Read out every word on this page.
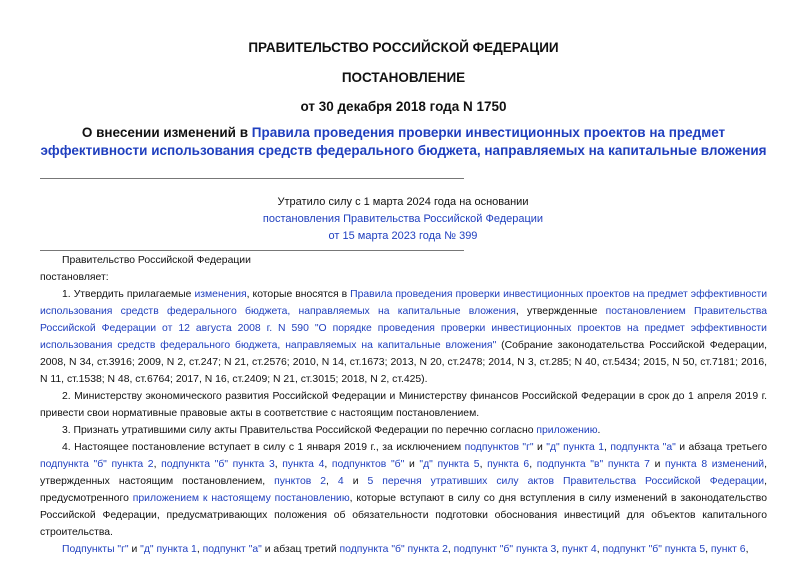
ПРАВИТЕЛЬСТВО РОССИЙСКОЙ ФЕДЕРАЦИИ

ПОСТАНОВЛЕНИЕ

от 30 декабря 2018 года N 1750

О внесении изменений в Правила проведения проверки инвестиционных проектов на предмет эффективности использования средств федерального бюджета, направляемых на капитальные вложения

Утратило силу с 1 марта 2024 года на основании
постановления Правительства Российской Федерации
от 15 марта 2023 года № 399

Правительство Российской Федерации

постановляет:

1. Утвердить прилагаемые изменения, которые вносятся в Правила проведения проверки инвестиционных проектов на предмет эффективности использования средств федерального бюджета, направляемых на капитальные вложения, утвержденные постановлением Правительства Российской Федерации от 12 августа 2008 г. N 590 "О порядке проведения проверки инвестиционных проектов на предмет эффективности использования средств федерального бюджета, направляемых на капитальные вложения" (Собрание законодательства Российской Федерации, 2008, N 34, ст.3916; 2009, N 2, ст.247; N 21, ст.2576; 2010, N 14, ст.1673; 2013, N 20, ст.2478; 2014, N 3, ст.285; N 40, ст.5434; 2015, N 50, ст.7181; 2016, N 11, ст.1538; N 48, ст.6764; 2017, N 16, ст.2409; N 21, ст.3015; 2018, N 2, ст.425).

2. Министерству экономического развития Российской Федерации и Министерству финансов Российской Федерации в срок до 1 апреля 2019 г. привести свои нормативные правовые акты в соответствие с настоящим постановлением.

3. Признать утратившими силу акты Правительства Российской Федерации по перечню согласно приложению.

4. Настоящее постановление вступает в силу с 1 января 2019 г., за исключением подпунктов "г" и "д" пункта 1, подпункта "а" и абзаца третьего подпункта "б" пункта 2, подпункта "б" пункта 3, пункта 4, подпунктов "б" и "д" пункта 5, пункта 6, подпункта "в" пункта 7 и пункта 8 изменений, утвержденных настоящим постановлением, пунктов 2, 4 и 5 перечня утративших силу актов Правительства Российской Федерации, предусмотренного приложением к настоящему постановлению, которые вступают в силу со дня вступления в силу изменений в законодательство Российской Федерации, предусматривающих положения об обязательности подготовки обоснования инвестиций для объектов капитального строительства.

Подпункты "г" и "д" пункта 1, подпункт "а" и абзац третий подпункта "б" пункта 2, подпункт "б" пункта 3, пункт 4, подпункт "б" пункта 5, пункт 6,
